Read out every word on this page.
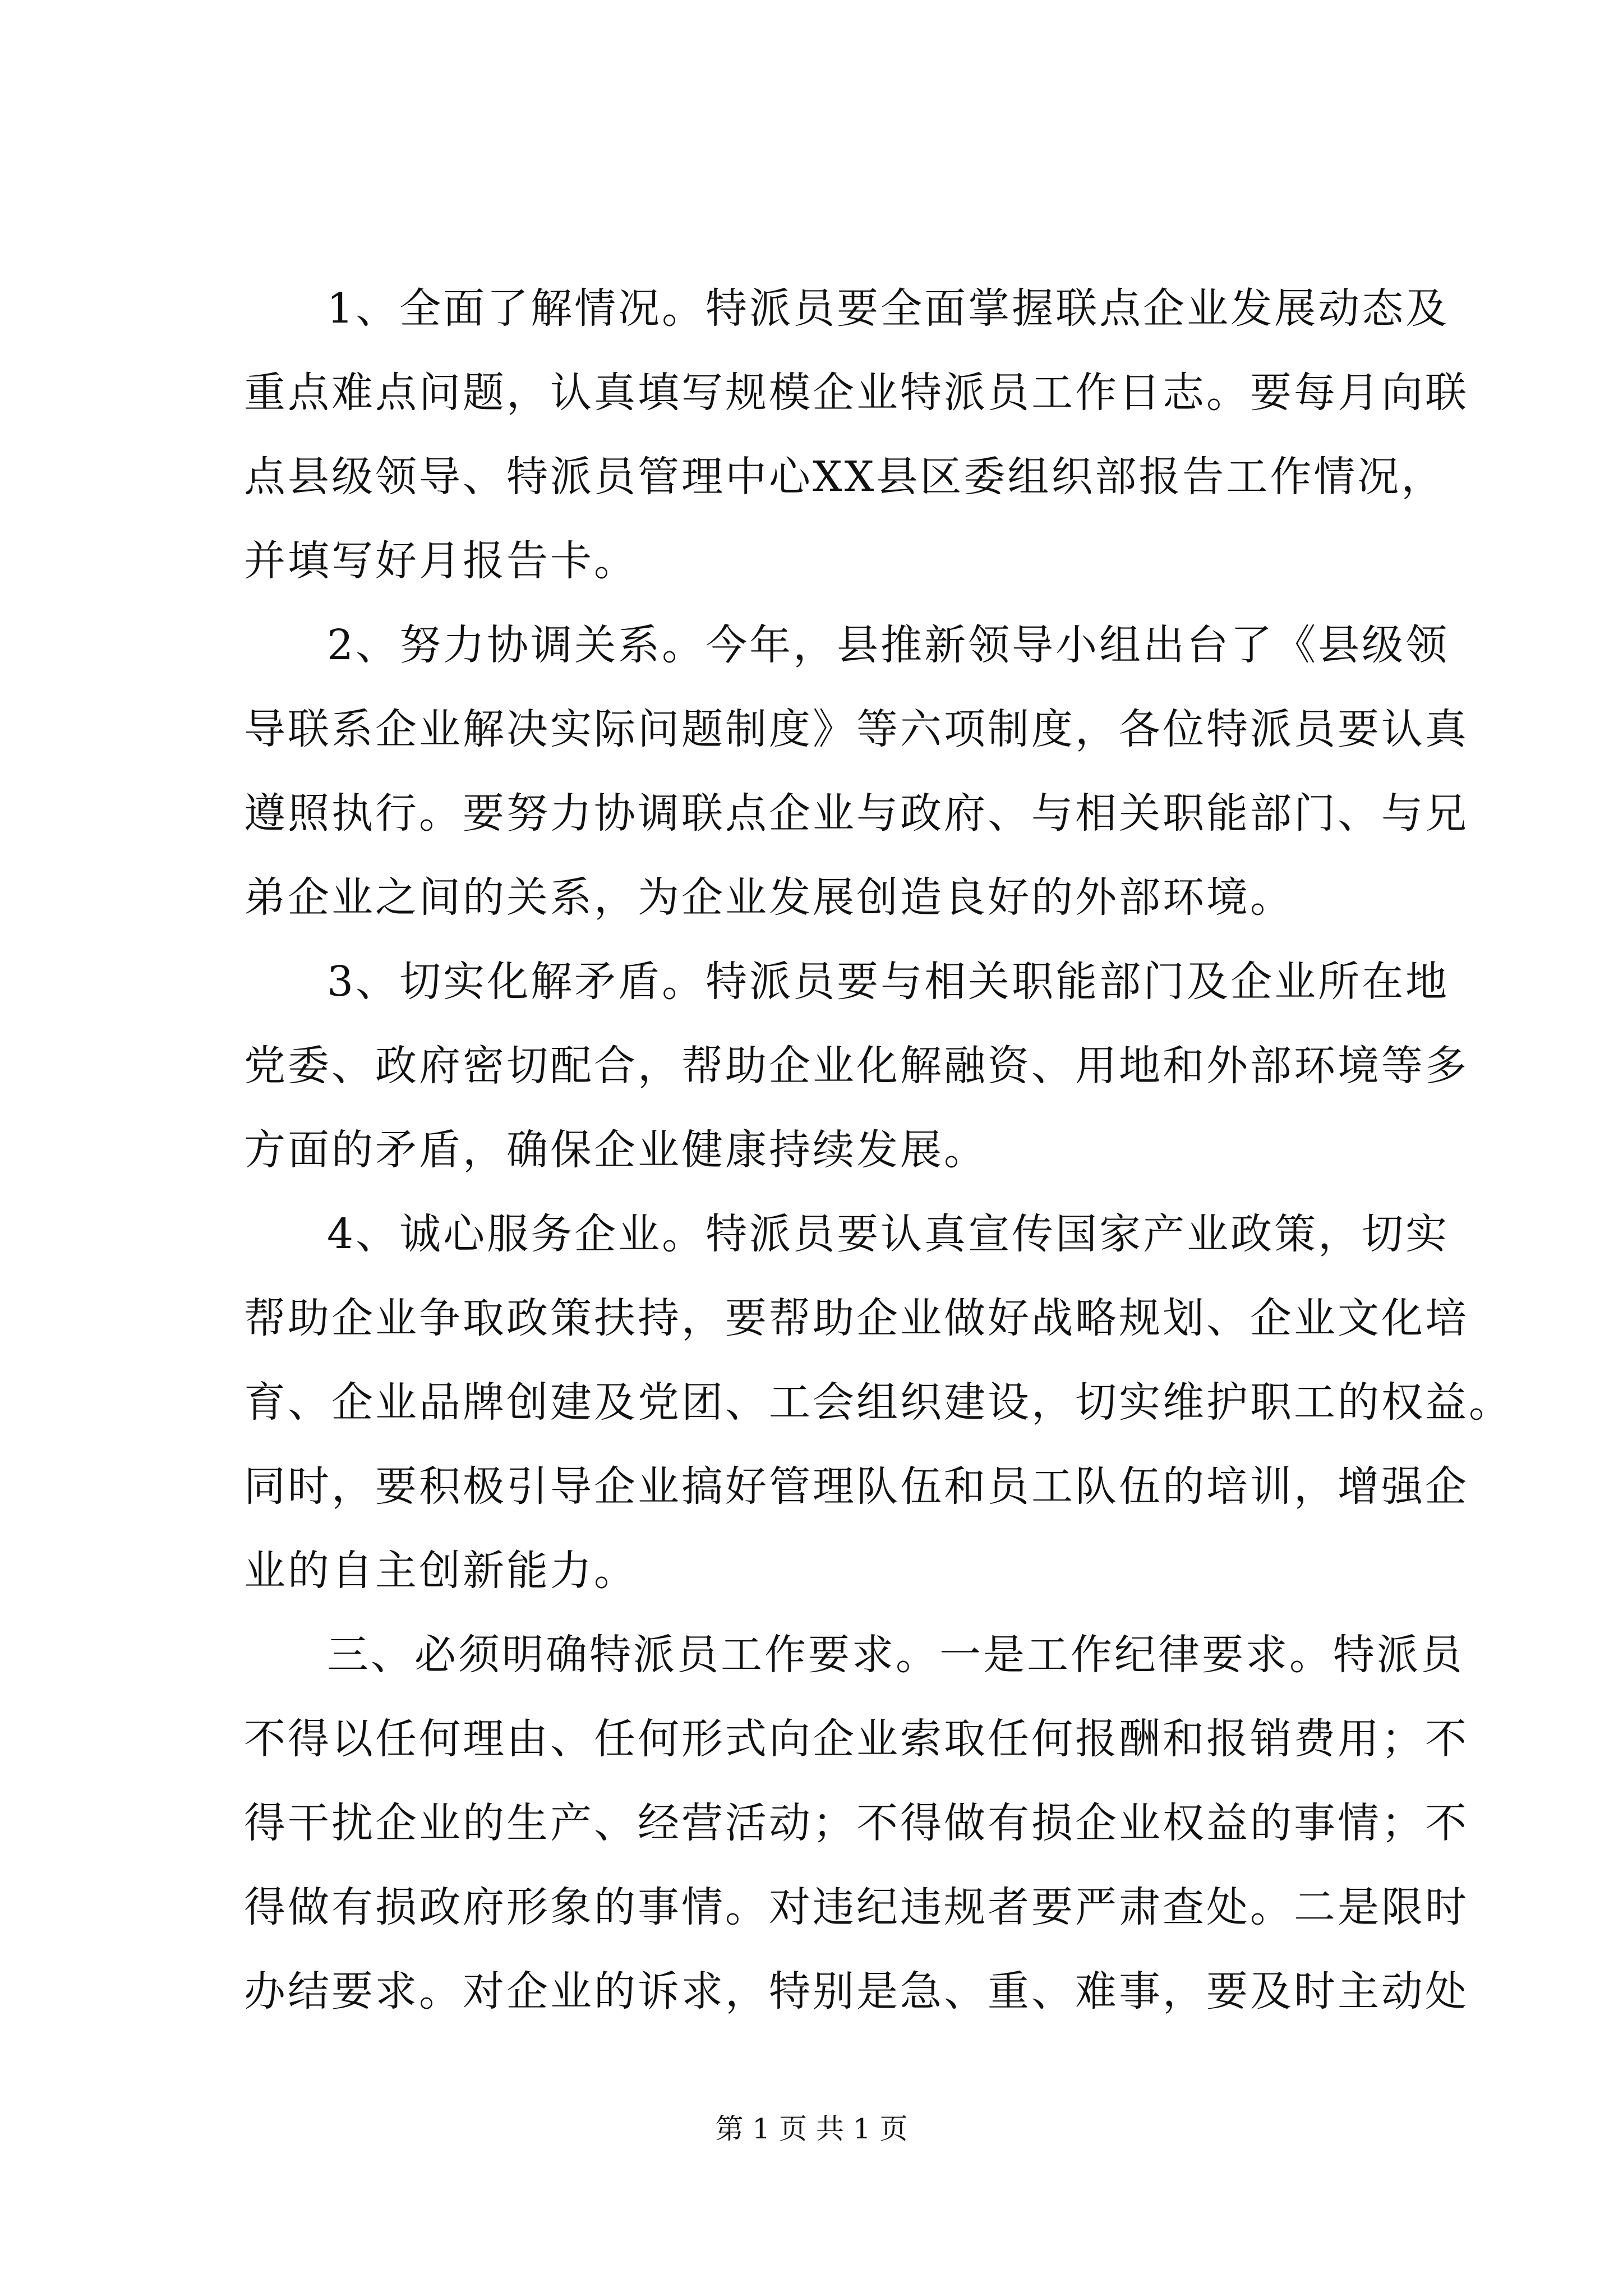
1、全面了解情况。特派员要全面掌握联点企业发展动态及
重点难点问题，认真填写规模企业特派员工作日志。要每月向联
点县级领导、特派员管理中心XX县区委组织部报告工作情况，
并填写好月报告卡。
2、努力协调关系。今年，县推新领导小组出台了《县级领
导联系企业解决实际问题制度》等六项制度，各位特派员要认真
遵照执行。要努力协调联点企业与政府、与相关职能部门、与兄
弟企业之间的关系，为企业发展创造良好的外部环境。
3、切实化解矛盾。特派员要与相关职能部门及企业所在地
党委、政府密切配合，帮助企业化解融资、用地和外部环境等多
方面的矛盾，确保企业健康持续发展。
4、诚心服务企业。特派员要认真宣传国家产业政策，切实
帮助企业争取政策扶持，要帮助企业做好战略规划、企业文化培
育、企业品牌创建及党团、工会组织建设，切实维护职工的权益。
同时，要积极引导企业搞好管理队伍和员工队伍的培训，增强企
业的自主创新能力。
三、必须明确特派员工作要求。一是工作纪律要求。特派员
不得以任何理由、任何形式向企业索取任何报酬和报销费用；不
得干扰企业的生产、经营活动；不得做有损企业权益的事情；不
得做有损政府形象的事情。对违纪违规者要严肃查处。二是限时
办结要求。对企业的诉求，特别是急、重、难事，要及时主动处
第 1 页 共 1 页
